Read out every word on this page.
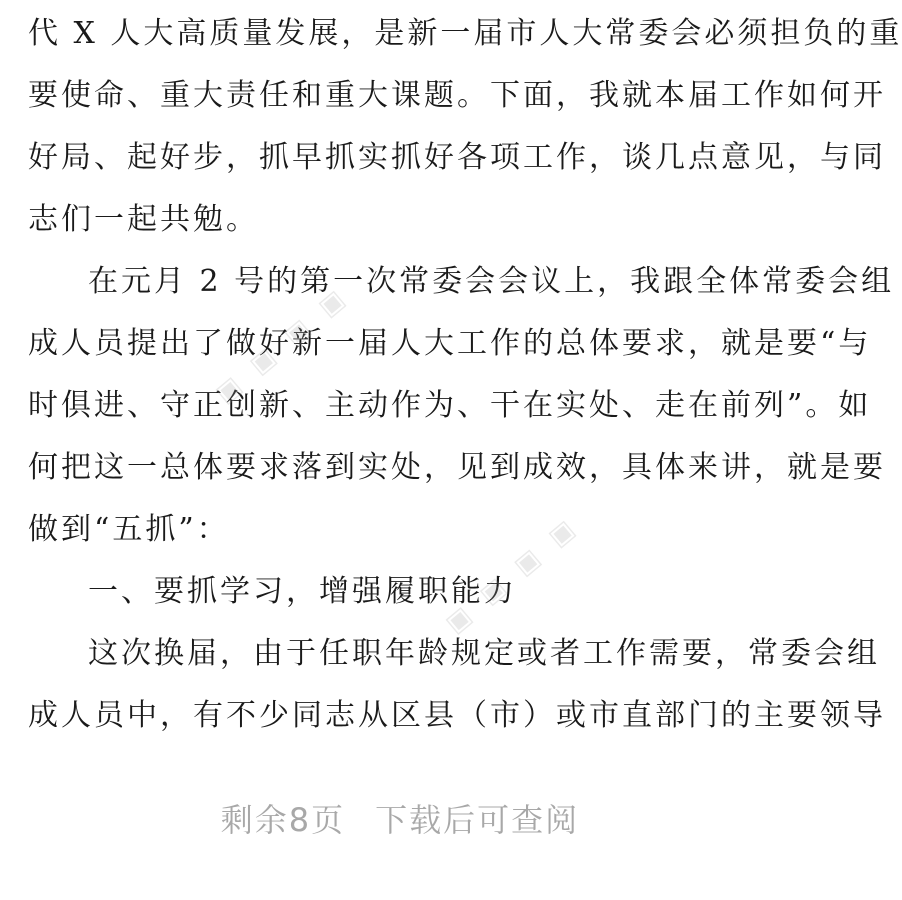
代 X 人大高质量发展，是新一届市人大常委会必须担负的重
要使命、重大责任和重大课题。下面，我就本届工作如何开
好局、起好步，抓早抓实抓好各项工作，谈几点意见，与同
志们一起共勉。
在元月 2 号的第一次常委会会议上，我跟全体常委会组
成人员提出了做好新一届人大工作的总体要求，就是要“与
时俱进、守正创新、主动作为、干在实处、走在前列”。如
何把这一总体要求落到实处，见到成效，具体来讲，就是要
做到“五抓”：
一、要抓学习，增强履职能力
这次换届，由于任职年龄规定或者工作需要，常委会组
成人员中，有不少同志从区县（市）或市直部门的主要领导
▣ ▣ ▣ ▣
▣ ▣ ▣ ▣
剩余8页 下载后可查阅
